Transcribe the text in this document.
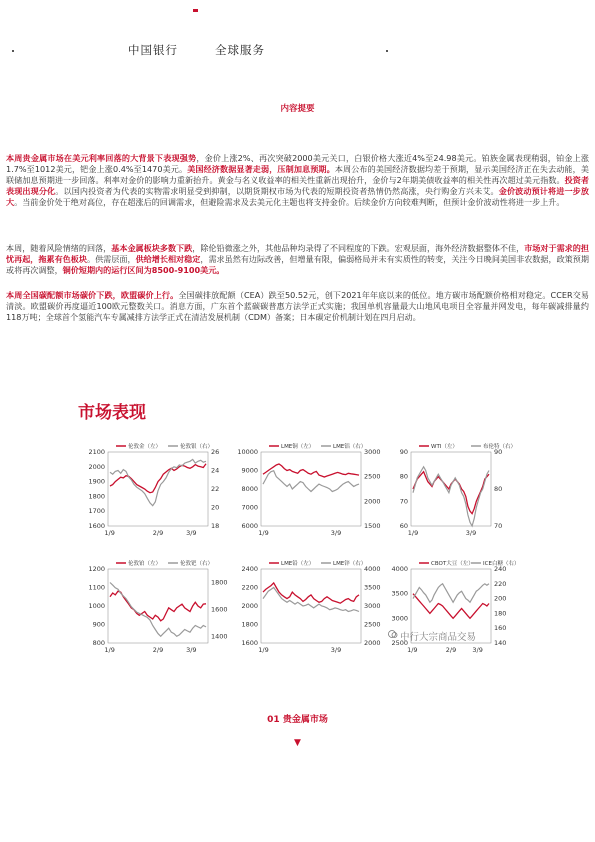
中国银行	全球服务
内容提要

本周贵金属市场在美元利率回落的大背景下表现强势，金价上涨2%、再次突破2000美元关口，白银价格大涨近4%至24.98美元。铂族金属表现稍弱，铂金上涨1.7%至1012美元，钯金上涨0.4%至1470美元。美国经济数据显著走弱，压制加息预期。本周公布的美国经济数据均差于预期，显示美国经济正在失去动能，美联储加息预期进一步回落。利率对金价的影响力重新抬升。黄金与名义收益率的相关性重新出现抬升，金价与2年期美债收益率的相关性再次超过美元指数。投资者表现出现分化。以国内投资者为代表的实物需求明显受到抑制，以期货期权市场为代表的短期投资者热情仍然高涨，央行购金方兴未艾。金价波动预计将进一步放大。当前金价处于绝对高位，存在超涨后的回调需求，但避险需求及去美元化主题也将支持金价。后续金价方向较难判断，但预计金价波动性将进一步上升。

本周，随着风险情绪的回落，基本金属板块多数下跌，除伦铅微涨之外，其他品种均录得了不同程度的下跌。宏观层面，海外经济数据整体不佳，市场对于需求的担忧再起，拖累有色板块。供需层面，供给增长相对稳定，需求虽然有边际改善，但增量有限，偏弱格局并未有实质性的转变，关注今日晚间美国非农数据，政策预期或将再次调整，铜价短期内的运行区间为8500-9100美元。

本周全国碳配额市场碳价下跌，欧盟碳价上行。全国碳排放配额（CEA）跌至50.52元，创下2021年年底以来的低位。地方碳市场配额价格相对稳定。CCER交易清淡。欧盟碳价再度逼近100欧元整数关口。消息方面，广东首个蓝碳碳普惠方法学正式实施；我国单机容量最大山地风电项目全容量并网发电，每年碳减排量约118万吨；全球首个氢能汽车专属减排方法学正式在清洁发展机制（CDM）备案；日本碳定价机制计划在四月启动。

市场表现
伦敦金（左）	伦敦银（右）
1600
1700
1800
1900
2000
2100
18
20
22
24
26
1/9	2/9	3/9
LME铜（左）	LME铝（右）
6000
7000
8000
9000
10000
1500
2000
2500
3000
1/9	3/9
WTI（左）	布伦特（右）
60
70
80
90
70
80
90
1/9	3/9
伦敦铂（左）	伦敦钯（右）
800
900
1000
1100
1200
1400
1600
1800
1/9	2/9	3/9
LME铅（左）	LME锌（右）
1600
1800
2000
2200
2400
2000
2500
3000
3500
4000
1/9	3/9
CBOT大豆（左） ICE白糖（右）
2500
3000
3500
4000
140
160
180
200
220
240
1/9	2/9 3/9
中行大宗商品交易
01 贵金属市场
▼
